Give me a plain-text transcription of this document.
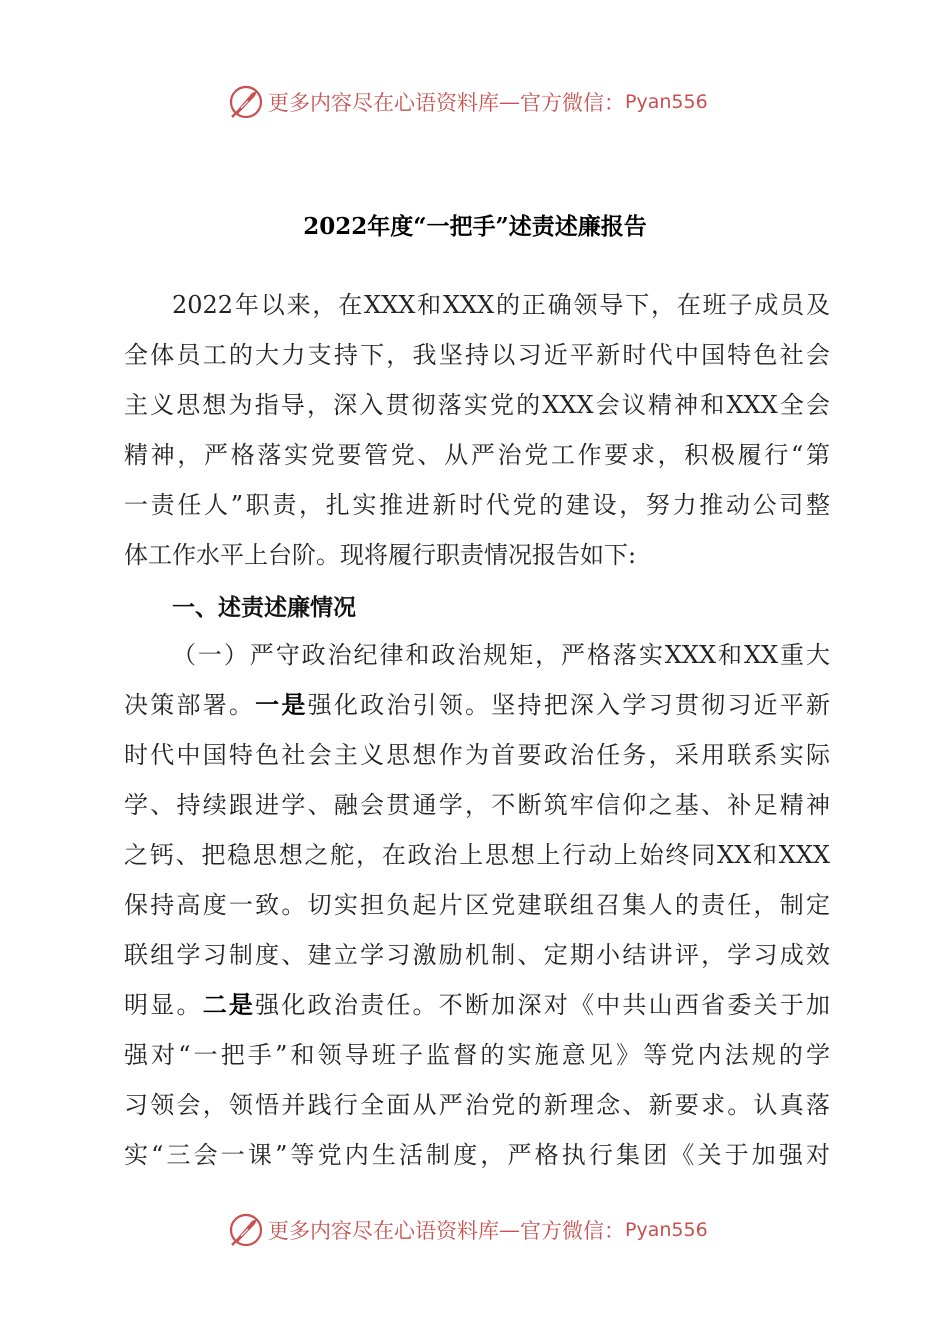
更多内容尽在心语资料库 — 官方微信： Pyan556
2022年度“一把手”述责述廉报告
2022年以来，在XXX和XXX的正确领导下，在班子成员及
全体员工的大力支持下，我坚持以习近平新时代中国特色社会
主义思想为指导，深入贯彻落实党的XXX会议精神和XXX全会
精神，严格落实党要管党、从严治党工作要求，积极履行“第
一责任人”职责，扎实推进新时代党的建设，努力推动公司整
体工作水平上台阶。现将履行职责情况报告如下:
一、述责述廉情况
（一）严守政治纪律和政治规矩，严格落实XXX和XX重大
决策部署。一是强化政治引领。坚持把深入学习贯彻习近平新
时代中国特色社会主义思想作为首要政治任务，采用联系实际
学、持续跟进学、融会贯通学，不断筑牢信仰之基、补足精神
之钙、把稳思想之舵，在政治上思想上行动上始终同XX和XXX
保持高度一致。切实担负起片区党建联组召集人的责任，制定
联组学习制度、建立学习激励机制、定期小结讲评，学习成效
明显。二是强化政治责任。不断加深对《中共山西省委关于加
强对“一把手”和领导班子监督的实施意见》等党内法规的学
习领会，领悟并践行全面从严治党的新理念、新要求。认真落
实“三会一课”等党内生活制度，严格执行集团《关于加强对
更多内容尽在心语资料库 — 官方微信： Pyan556
